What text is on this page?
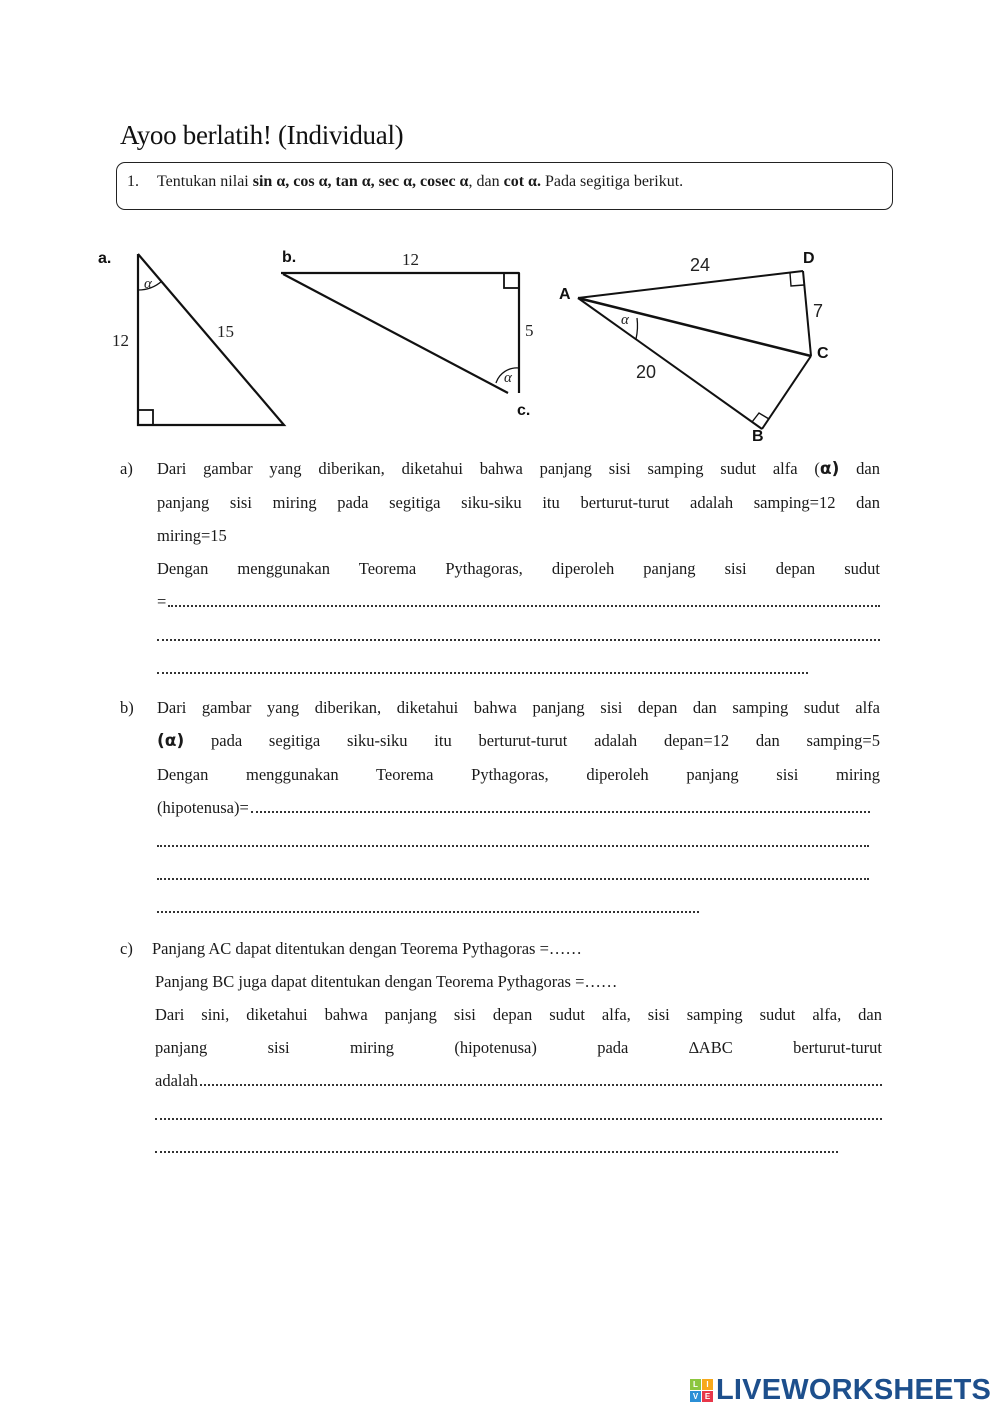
Ayoo berlatih! (Individual)
1.	Tentukan nilai sin α, cos α, tan α, sec α, cosec α, dan cot α. Pada segitiga berikut.
a.
12	15
α
b.	12
5
α
c.
A
D
C
B
24
7
20
α
a) Dari gambar yang diberikan, diketahui bahwa panjang sisi samping sudut alfa (α) dan
panjang sisi miring pada segitiga siku-siku itu berturut-turut adalah samping=12 dan
miring=15
Dengan menggunakan Teorema Pythagoras, diperoleh panjang sisi depan sudut
=
b) Dari gambar yang diberikan, diketahui bahwa panjang sisi depan dan samping sudut alfa
(α) pada segitiga siku-siku itu berturut-turut adalah depan=12 dan samping=5
Dengan menggunakan Teorema Pythagoras, diperoleh panjang sisi miring
(hipotenusa)=
c) Panjang AC dapat ditentukan dengan Teorema Pythagoras =……
Panjang BC juga dapat ditentukan dengan Teorema Pythagoras =……
Dari sini, diketahui bahwa panjang sisi depan sudut alfa, sisi samping sudut alfa, dan
panjang sisi miring (hipotenusa) pada ∆ABC berturut-turut
adalah
L	I
V E LIVEWORKSHEETS
